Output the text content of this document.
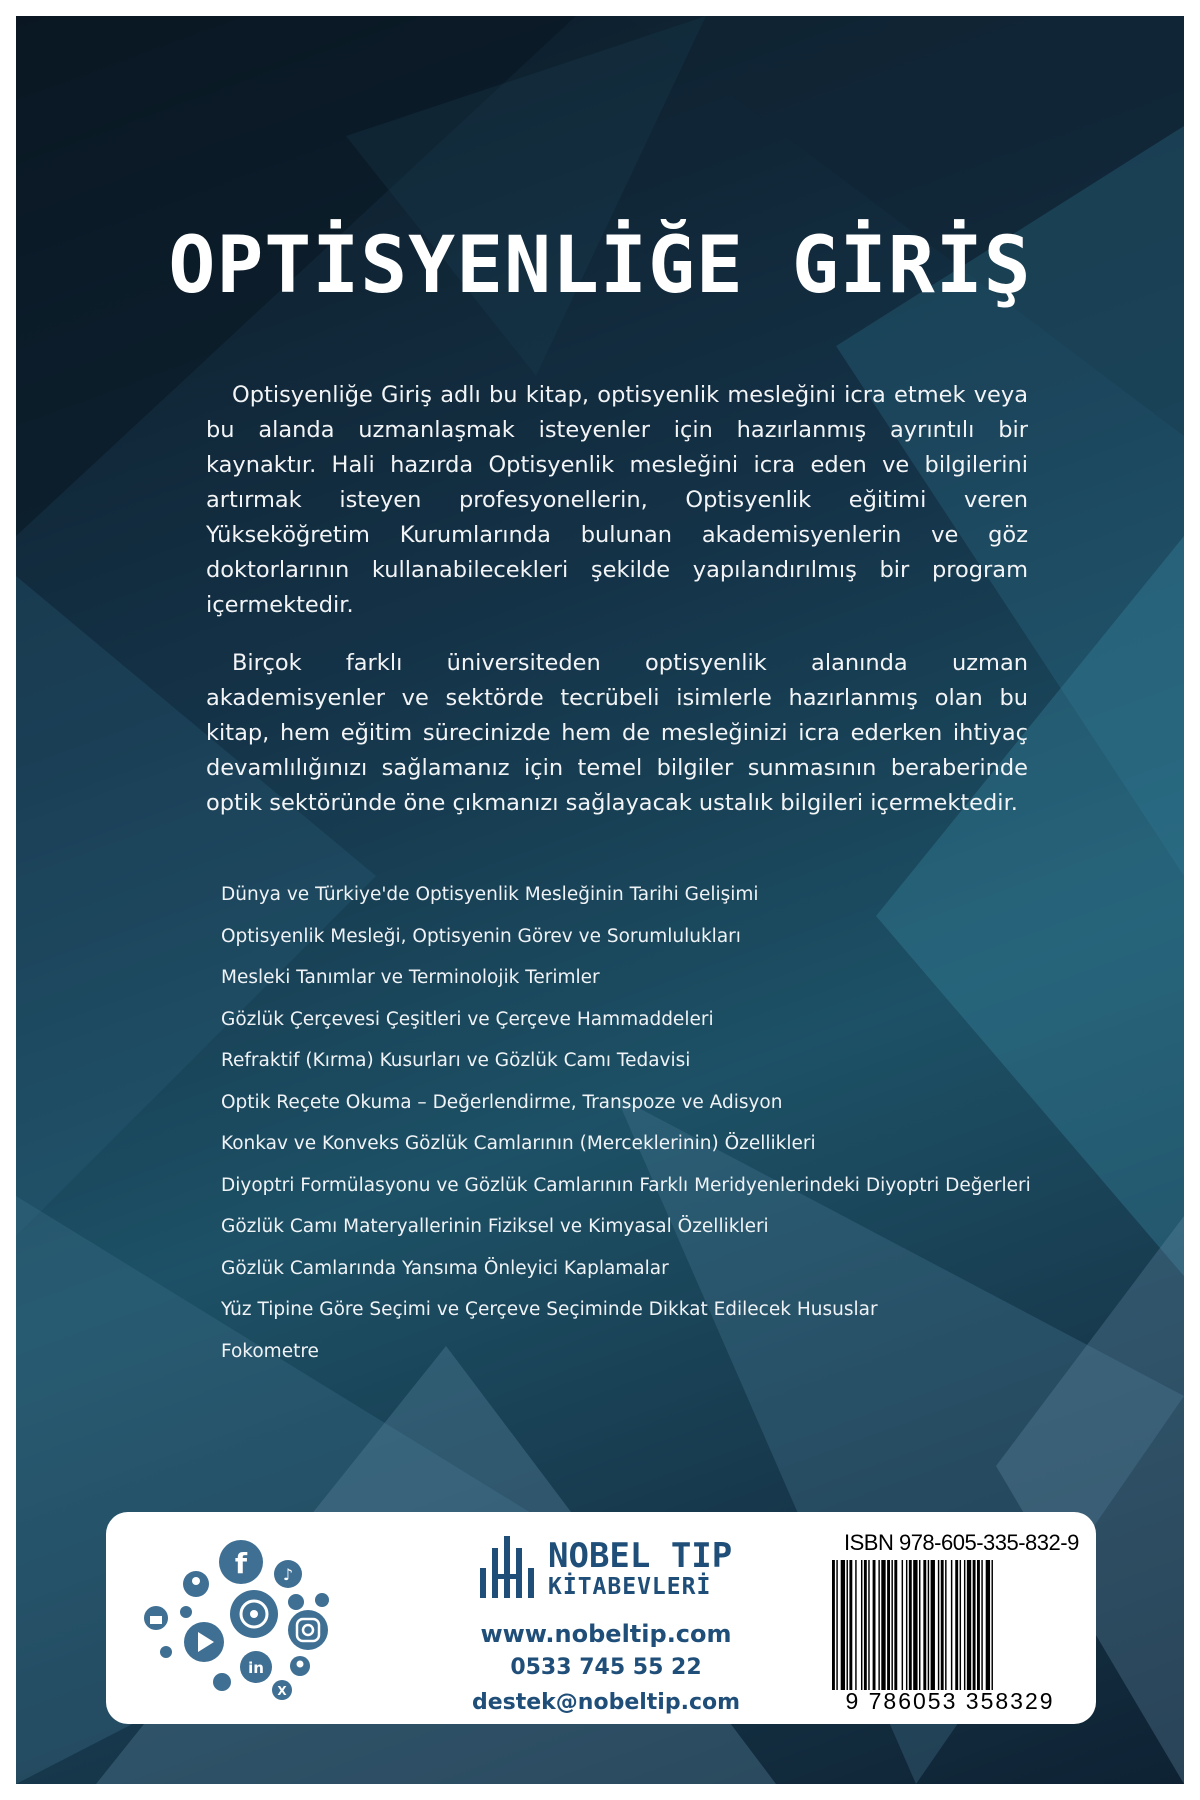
OPTİSYENLİĞE GİRİŞ

Optisyenliğe Giriş adlı bu kitap, optisyenlik mesleğini icra etmek veya bu alanda uzmanlaşmak isteyenler için hazırlanmış ayrıntılı bir kaynaktır. Hali hazırda Optisyenlik mesleğini icra eden ve bilgilerini artırmak isteyen profesyonellerin, Optisyenlik eğitimi veren Yükseköğretim Kurumlarında bulunan akademisyenlerin ve göz doktorlarının kullanabilecekleri şekilde yapılandırılmış bir program içermektedir.

Birçok farklı üniversiteden optisyenlik alanında uzman akademisyenler ve sektörde tecrübeli isimlerle hazırlanmış olan bu kitap, hem eğitim sürecinizde hem de mesleğinizi icra ederken ihtiyaç devamlılığınızı sağlamanız için temel bilgiler sunmasının beraberinde optik sektöründe öne çıkmanızı sağlayacak ustalık bilgileri içermektedir.

Dünya ve Türkiye'de Optisyenlik Mesleğinin Tarihi Gelişimi
Optisyenlik Mesleği, Optisyenin Görev ve Sorumlulukları
Mesleki Tanımlar ve Terminolojik Terimler
Gözlük Çerçevesi Çeşitleri ve Çerçeve Hammaddeleri
Refraktif (Kırma) Kusurları ve Gözlük Camı Tedavisi
Optik Reçete Okuma – Değerlendirme, Transpoze ve Adisyon
Konkav ve Konveks Gözlük Camlarının (Merceklerinin) Özellikleri
Diyoptri Formülasyonu ve Gözlük Camlarının Farklı Meridyenlerindeki Diyoptri Değerleri
Gözlük Camı Materyallerinin Fiziksel ve Kimyasal Özellikleri
Gözlük Camlarında Yansıma Önleyici Kaplamalar
Yüz Tipine Göre Seçimi ve Çerçeve Seçiminde Dikkat Edilecek Hususlar
Fokometre
f ♪
in
X
NOBEL TIP
KİTABEVLERİ
www.nobeltip.com
0533 745 55 22
destek@nobeltip.com
ISBN 978-605-335-832-9
9 786053 358329
